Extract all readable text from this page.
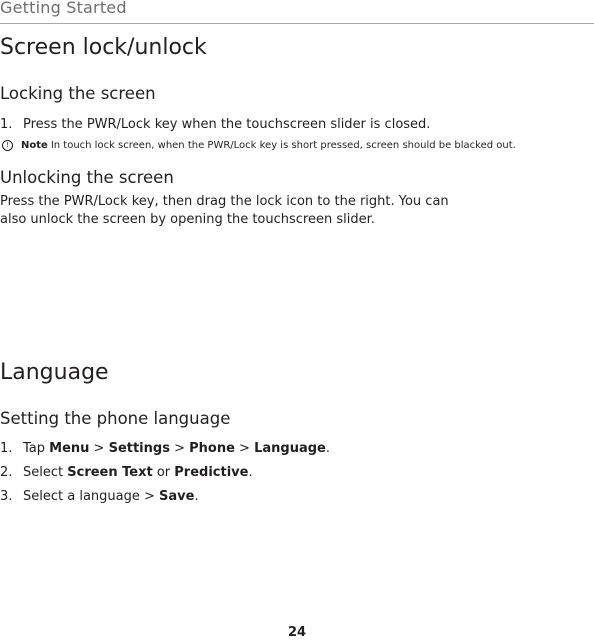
Getting Started
Screen lock/unlock
Locking the screen
1. Press the PWR/Lock key when the touchscreen slider is closed.
!	Note In touch lock screen, when the PWR/Lock key is short pressed, screen should be blacked out.
Unlocking the screen
Press the PWR/Lock key, then drag the lock icon to the right. You can
also unlock the screen by opening the touchscreen slider.
Language
Setting the phone language
1. Tap Menu > Settings > Phone > Language.
2. Select Screen Text or Predictive.
3. Select a language > Save.
24
